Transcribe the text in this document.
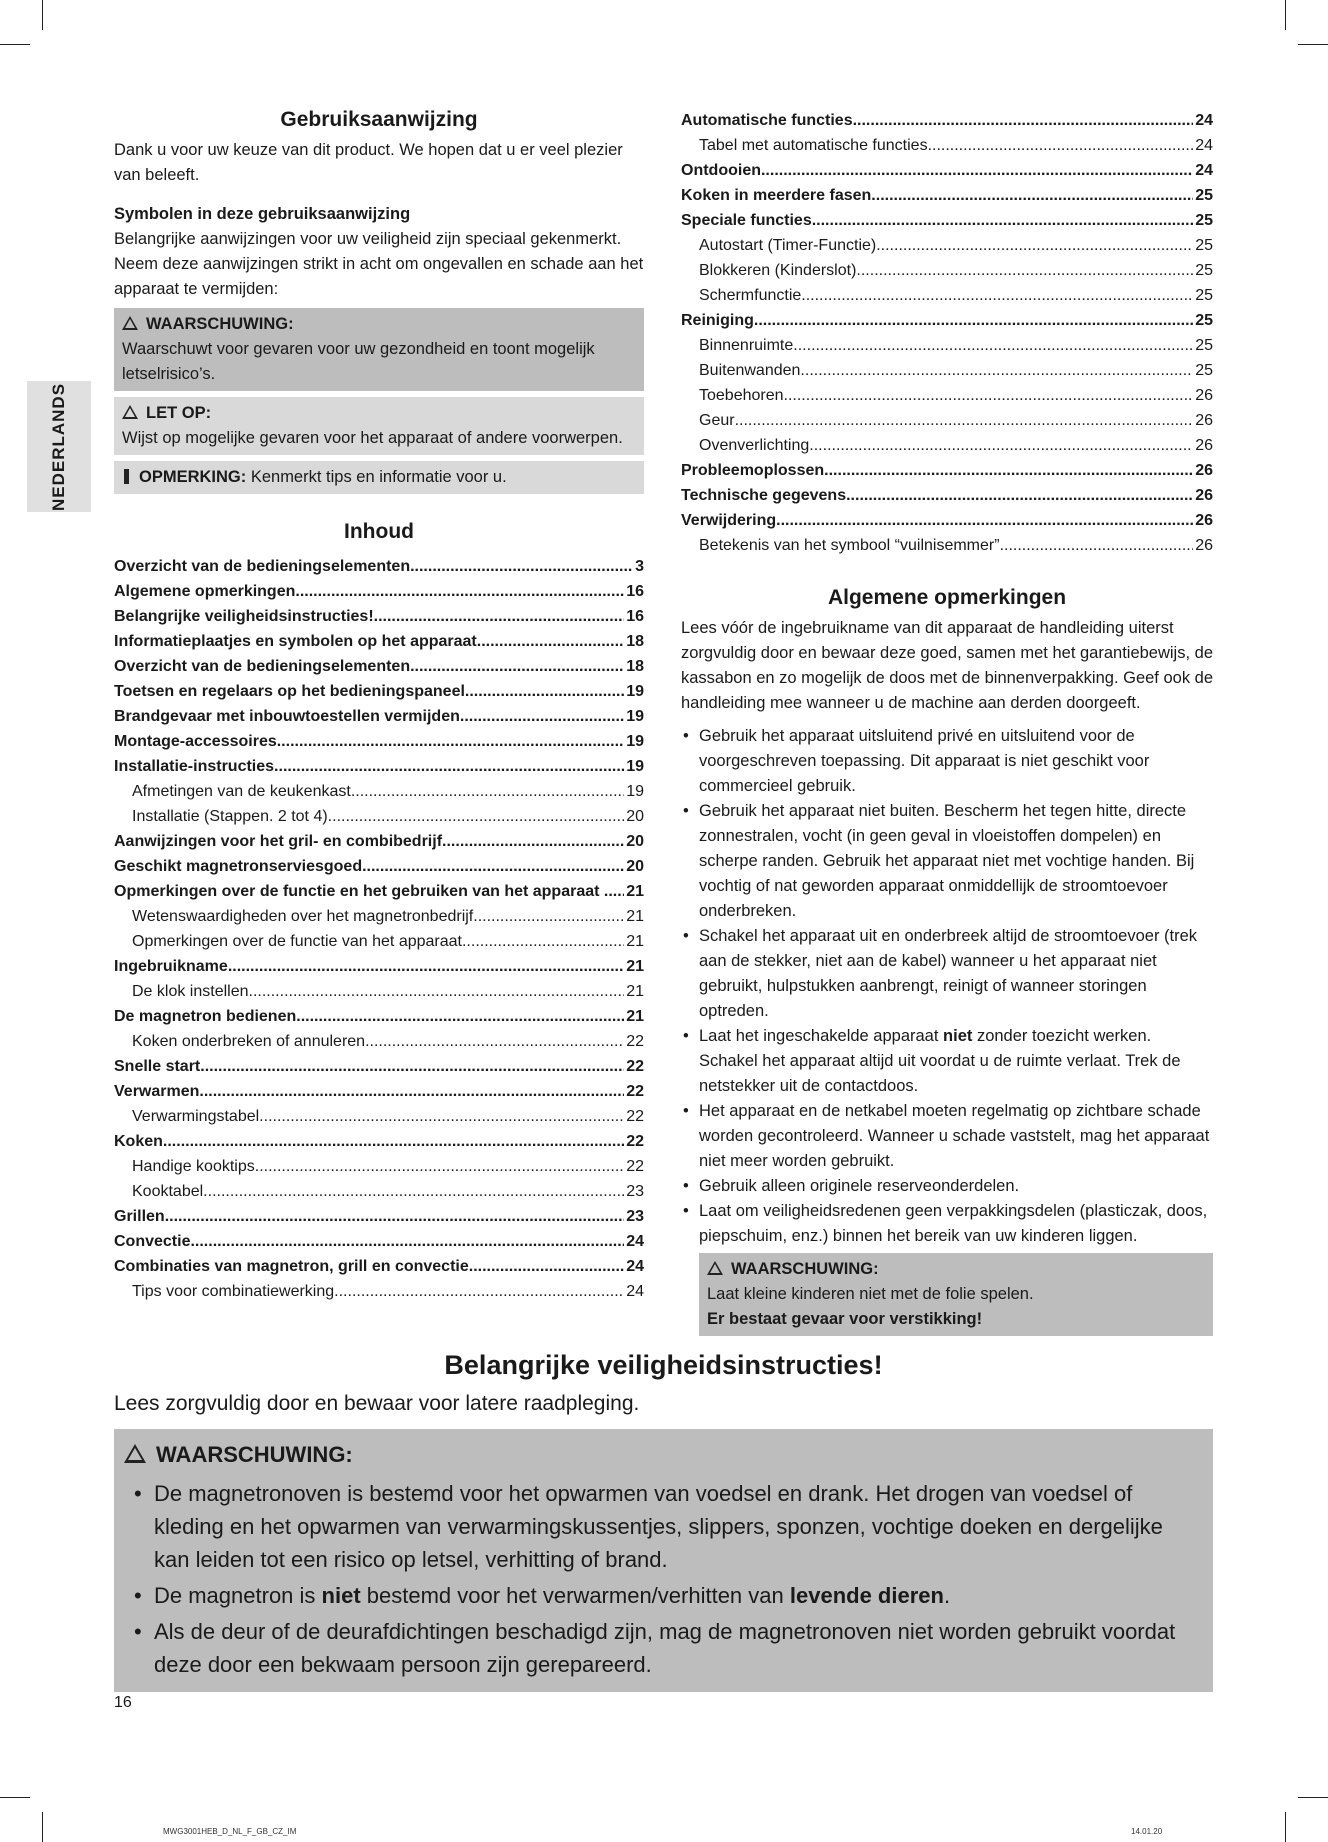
NEDERLANDS
Gebruiksaanwijzing

Dank u voor uw keuze van dit product. We hopen dat u er veel plezier van beleeft.

Symbolen in deze gebruiksaanwijzing

Belangrijke aanwijzingen voor uw veiligheid zijn speciaal gekenmerkt. Neem deze aanwijzingen strikt in acht om ongevallen en schade aan het apparaat te vermijden:

WAARSCHUWING:
Waarschuwt voor gevaren voor uw gezondheid en toont mogelijk letselrisico’s.
LET OP:
Wijst op mogelijke gevaren voor het apparaat of andere voorwerpen.
OPMERKING: Kenmerkt tips en informatie voor u.
Inhoud
Overzicht van de bedieningselementen .....	3
Algemene opmerkingen .....	16
Belangrijke veiligheidsinstructies! .....	16
Informatieplaatjes en symbolen op het apparaat .....	18
Overzicht van de bedieningselementen .....	18
Toetsen en regelaars op het bedieningspaneel .....	19
Brandgevaar met inbouwtoestellen vermijden .....	19
Montage-accessoires .....	19
Installatie-instructies .....	19
Afmetingen van de keukenkast .....	19
Installatie (Stappen. 2 tot 4) .....	20
Aanwijzingen voor het gril- en combibedrijf .....	20
Geschikt magnetronserviesgoed .....	20
Opmerkingen over de functie en het gebruiken van het apparaat .. ..... 21
Wetenswaardigheden over het magnetronbedrijf .....	21
Opmerkingen over de functie van het apparaat .....	21
Ingebruikname .....	21
De klok instellen .....	21
De magnetron bedienen .....	21
Koken onderbreken of annuleren .....	22
Snelle start .....	22
Verwarmen .....	22
Verwarmingstabel .....	22
Koken .....	22
Handige kooktips. .....	22
Kooktabel .....	23
Grillen .....	23
Convectie .....	24
Combinaties van magnetron, grill en convectie .....	24
Tips voor combinatiewerking .....	24
Automatische functies .....	24
Tabel met automatische functies .....	24
Ontdooien .....	24
Koken in meerdere fasen .....	25
Speciale functies .....	25
Autostart (Timer-Functie) .....	25
Blokkeren (Kinderslot) .....	25
Schermfunctie .....	25
Reiniging .....	25
Binnenruimte .....	25
Buitenwanden .....	25
Toebehoren .....	26
Geur .....	26
Ovenverlichting .....	26
Probleemoplossen .....	26
Technische gegevens .....	26
Verwijdering .....	26
Betekenis van het symbool “vuilnisemmer” .....	26
Algemene opmerkingen

Lees vóór de ingebruikname van dit apparaat de handleiding uiterst zorgvuldig door en bewaar deze goed, samen met het garantiebewijs, de kassabon en zo mogelijk de doos met de binnenverpakking. Geef ook de handleiding mee wanneer u de machine aan derden doorgeeft.

• Gebruik het apparaat uitsluitend privé en uitsluitend voor de voorgeschreven toepassing. Dit apparaat is niet geschikt voor commercieel gebruik.
• Gebruik het apparaat niet buiten. Bescherm het tegen hitte, directe zonnestralen, vocht (in geen geval in vloeistoffen dompelen) en scherpe randen. Gebruik het apparaat niet met vochtige handen. Bij vochtig of nat geworden apparaat onmiddellijk de stroomtoevoer onderbreken.
• Schakel het apparaat uit en onderbreek altijd de stroomtoevoer (trek aan de stekker, niet aan de kabel) wanneer u het apparaat niet gebruikt, hulpstukken aanbrengt, reinigt of wanneer storingen optreden.
• Laat het ingeschakelde apparaat niet zonder toezicht werken. Schakel het apparaat altijd uit voordat u de ruimte verlaat. Trek de netstekker uit de contactdoos.
• Het apparaat en de netkabel moeten regelmatig op zichtbare schade worden gecontroleerd. Wanneer u schade vaststelt, mag het apparaat niet meer worden gebruikt.
• Gebruik alleen originele reserveonderdelen.
• Laat om veiligheidsredenen geen verpakkingsdelen (plasticzak, doos, piepschuim, enz.) binnen het bereik van uw kinderen liggen.
WAARSCHUWING:
Laat kleine kinderen niet met de folie spelen.
Er bestaat gevaar voor verstikking!
Belangrijke veiligheidsinstructies!
Lees zorgvuldig door en bewaar voor latere raadpleging.
WAARSCHUWING:
• De magnetronoven is bestemd voor het opwarmen van voedsel en drank. Het drogen van voedsel of kleding en het opwarmen van verwarmingskussentjes, slippers, sponzen, vochtige doeken en dergelijke kan leiden tot een risico op letsel, verhitting of brand.
• De magnetron is niet bestemd voor het verwarmen/verhitten van levende dieren.
• Als de deur of de deurafdichtingen beschadigd zijn, mag de magnetronoven niet worden gebruikt voordat deze door een bekwaam persoon zijn gerepareerd.
16
MWG3001HEB_D_NL_F_GB_CZ_IM	14.01.20
